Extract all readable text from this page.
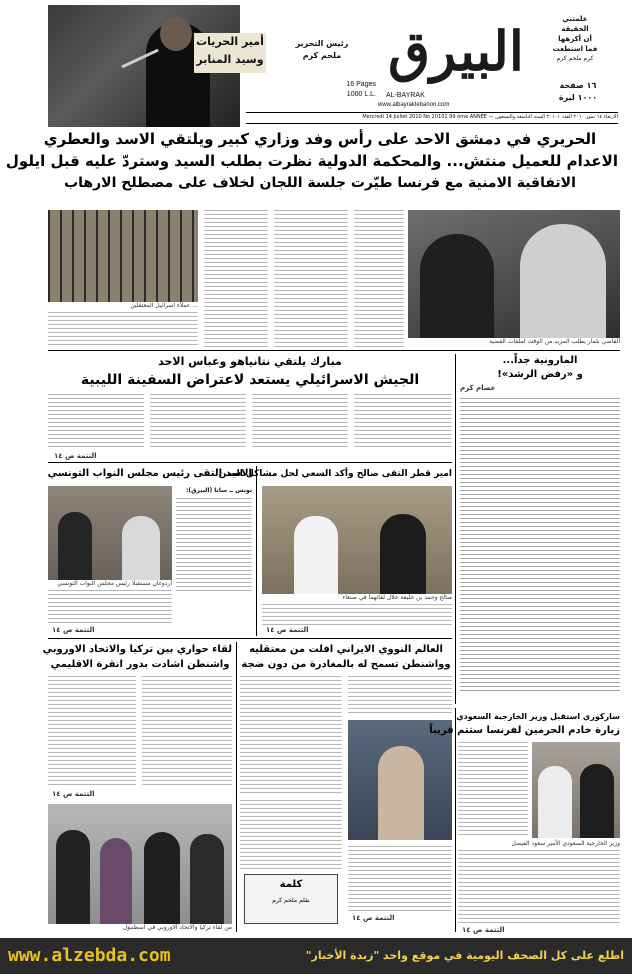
أمير الحريات
وسيد المنابر
رئيس التحرير
ملحم كرم
16 Pages
1000 L.L.
البيرق
AL-BAYRAK
www.albayraklebanon.com
علمتني
الحقيقة
أن أكرهها
فما استطعت
كرم ملحم كرم
١٦ صفحة
١٠٠٠ ليرة
Mercredi 14 Juillet 2010 No 20101 99 ème ANNÉE — الاربعاء ١٤ تموز ٢٠١٠ العدد ٢٠١٠١ السنة التاسعة والتسعون
الحريري في دمشق الاحد على رأس وفد وزاري كبير ويلتقي الاسد والعطري
الاعدام للعميل منتش... والمحكمة الدولية نظرت بطلب السيد وستردّ عليه قبل ايلول
الاتفاقية الامنية مع فرنسا طيّرت جلسة اللجان لخلاف على مصطلح الارهاب
... عملاء اسرائيل المعتقلين
القاضي بلمار يطلب المزيد من الوقت لملفات القضية
المارونية جداً...
و «رفض الرشد»!
عصام كرم
مبارك يلتقي نتانياهو وعباس الاحد
الجيش الاسرائيلي يستعد لاعتراض السفينة الليبية
التتمة ص ١٤
الاسد التقى رئيس مجلس النواب التونسي
اردوغان مستقبلا رئيس مجلس النواب التونسي
تونس ــ سانا (البيرق):
التتمة ص ١٤
امير قطر التقى صالح وأكد السعي لحل مشاكل اليمن
صالح وحمد بن خليفة خلال لقائهما في صنعاء
التتمة ص ١٤
لقاء حواري بين تركيا والاتحاد الاوروبي
واشنطن اشادت بدور انقرة الاقليمي
التتمة ص ١٤
من لقاء تركيا والاتحاد الاوروبي في اسطنبول
العالم النووي الايراني افلت من معتقليه
وواشنطن تسمح له بالمغادرة من دون ضجة
كلمة
بقلم ملحم كرم
التتمة ص ١٤
ساركوزي استقبل وزير الخارجية السعودي
زيارة خادم الحرمين لفرنسا ستتم قريباً
وزير الخارجية السعودي الأمير سعود الفيصل
التتمة ص ١٤
www.alzebda.com	اطلع على كل الصحف اليومية في موقع واحد "زبدة الأخبار"
